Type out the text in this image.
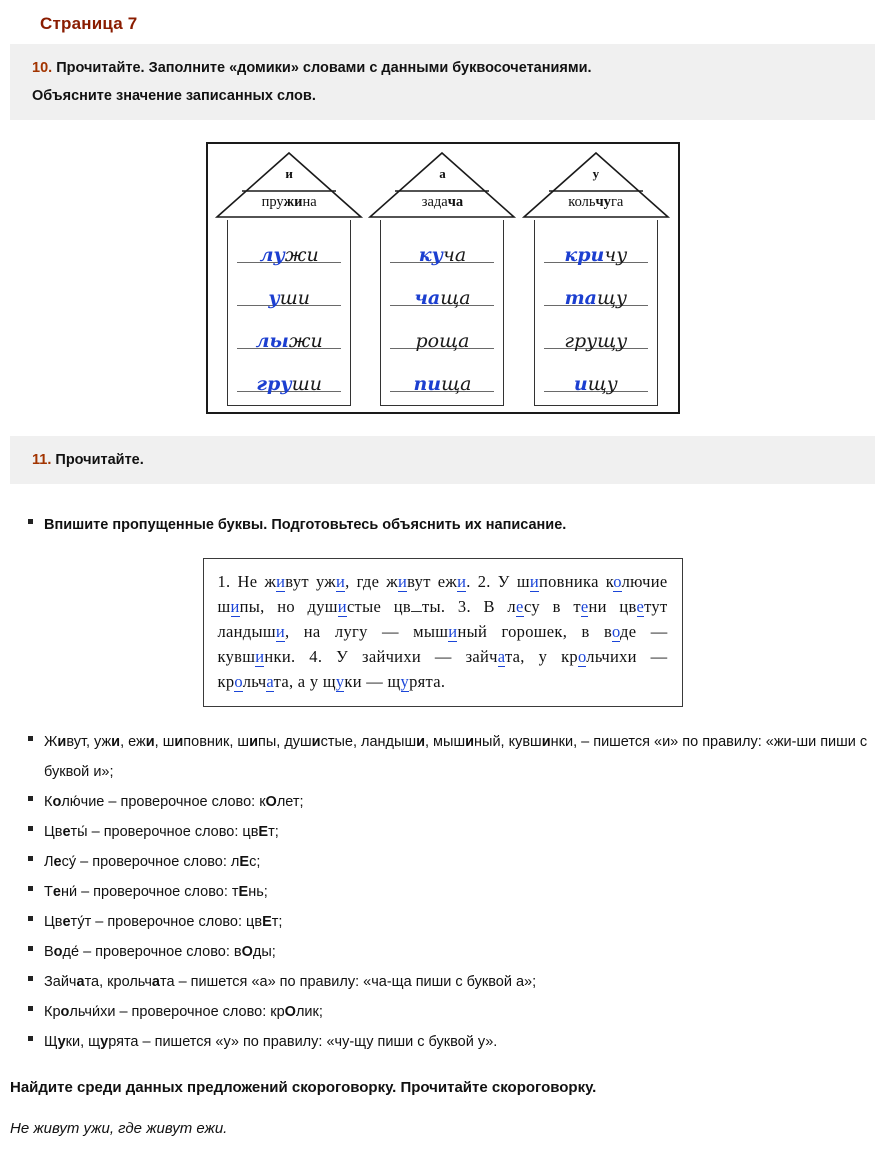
Страница 7
10. Прочитайте. Заполните «домики» словами с данными буквосочетаниями.
Объясните значение записанных слов.
и
пружина
лужи
уши
лыжи
груши
а
задача
куча
чаща
роща
пища
у
кольчуга
кричу
тащу
грущу
ищу
11. Прочитайте.
Впишите пропущенные буквы. Подготовьтесь объяснить их написание.
1. Не живут ужи, где живут ежи. 2. У шиповника колючие шипы, но душистые цв ты. 3. В лесу в тени цветут ландыши, на лугу — мышиный горошек, в воде — кувшинки. 4. У зайчихи — зайчата, у крольчихи — крольчата, а у щуки — щурята.
Живут, ужи, ежи, шиповник, шипы, душистые, ландыши, мышиный, кувшинки, – пишется «и» по правилу: «жи-ши пиши с буквой и»;
Колю́чие – проверочное слово: кОлет;
Цветы́ – проверочное слово: цвЕт;
Лесу́ – проверочное слово: лЕс;
Тени́ – проверочное слово: тЕнь;
Цвету́т – проверочное слово: цвЕт;
Воде́ – проверочное слово: вОды;
Зайчата, крольчата – пишется «а» по правилу: «ча-ща пиши с буквой а»;
Крольчи́хи – проверочное слово: крОлик;
Щуки, щурята – пишется «у» по правилу: «чу-щу пиши с буквой у».
Найдите среди данных предложений скороговорку. Прочитайте скороговорку.
Не живут ужи, где живут ежи.
